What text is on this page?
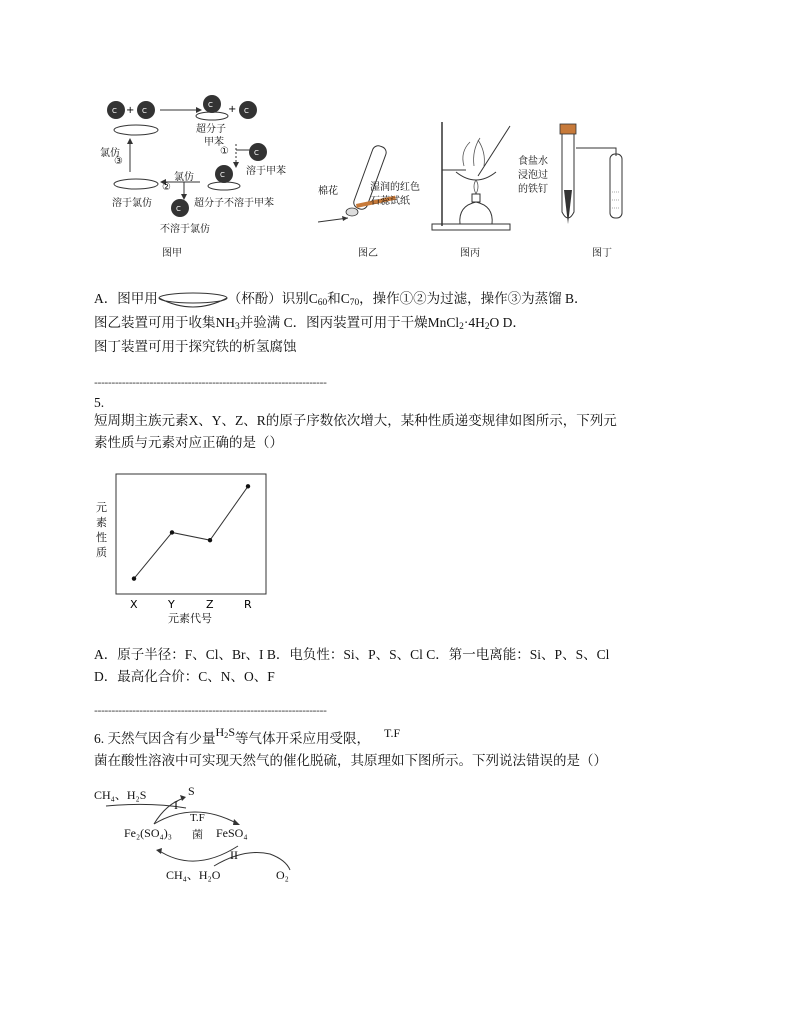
C + C
C + C
C
C
C
超分子
甲苯
①
溶于甲苯
氯仿
③
氯仿
②
溶于氯仿	超分子不溶于甲苯
不溶于氯仿
图甲
棉花	湿润的红色
石蕊试纸
图乙	图丙
食盐水
浸泡过
的铁钉
图丁
A．图甲用	（杯酚）识别$C_{60}$和$C_{70}$，操作①②为过滤，操作③为蒸馏 B．
图乙装置可用于收集$NH_3$并验满 C．图丙装置可用于干燥$MnCl_2\cdot 4H_2O$ D．
图丁装置可用于探究铁的析氢腐蚀
-------------------------------------------------------------------
5.
短周期主族元素X、Y、Z、R的原子序数依次增大，某种性质递变规律如图所示，下列元
素性质与元素对应正确的是（）
X	Y	Z	R
元素性质
元素代号
A．原子半径：F、Cl、Br、I B．电负性：Si、P、S、Cl C．第一电离能：Si、P、S、Cl
D．最高化合价：C、N、O、F
-------------------------------------------------------------------
6. 天然气因含有少量$H_2S$等气体开采应用受限， T.F
菌在酸性溶液中可实现天然气的催化脱硫，其原理如下图所示。下列说法错误的是（）
CH₄、H₂S	S
I
T.F
菌
Fe₂(SO₄)₃	FeSO₄
II
CH₄、H₂O	O₂
